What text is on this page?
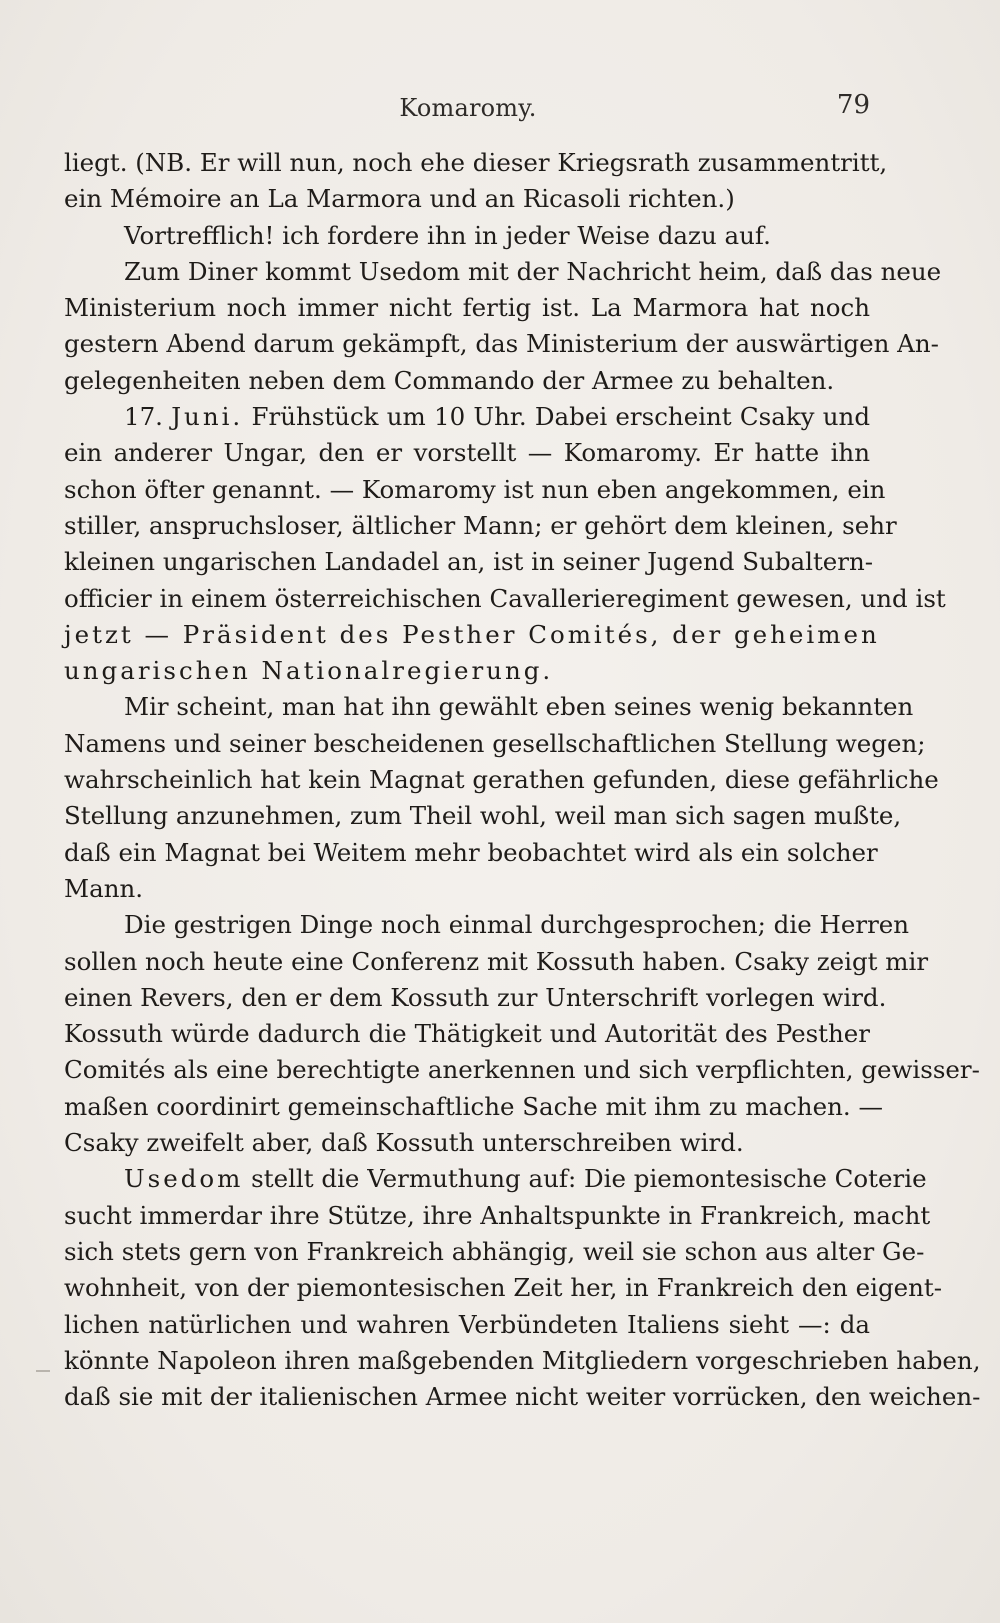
Komaromy.	79
liegt. (NB. Er will nun, noch ehe dieser Kriegsrath zusammentritt,
ein Mémoire an La Marmora und an Ricasoli richten.)
Vortrefflich! ich fordere ihn in jeder Weise dazu auf.
Zum Diner kommt Usedom mit der Nachricht heim, daß das neue
Ministerium noch immer nicht fertig ist. La Marmora hat noch
gestern Abend darum gekämpft, das Ministerium der auswärtigen An-
gelegenheiten neben dem Commando der Armee zu behalten.
17. Juni. Frühstück um 10 Uhr. Dabei erscheint Csaky und
ein anderer Ungar, den er vorstellt — Komaromy. Er hatte ihn
schon öfter genannt. — Komaromy ist nun eben angekommen, ein
stiller, anspruchsloser, ältlicher Mann; er gehört dem kleinen, sehr
kleinen ungarischen Landadel an, ist in seiner Jugend Subaltern-
officier in einem österreichischen Cavallerieregiment gewesen, und ist
jetzt — Präsident des Pesther Comités, der geheimen
ungarischen Nationalregierung.
Mir scheint, man hat ihn gewählt eben seines wenig bekannten
Namens und seiner bescheidenen gesellschaftlichen Stellung wegen;
wahrscheinlich hat kein Magnat gerathen gefunden, diese gefährliche
Stellung anzunehmen, zum Theil wohl, weil man sich sagen mußte,
daß ein Magnat bei Weitem mehr beobachtet wird als ein solcher
Mann.
Die gestrigen Dinge noch einmal durchgesprochen; die Herren
sollen noch heute eine Conferenz mit Kossuth haben. Csaky zeigt mir
einen Revers, den er dem Kossuth zur Unterschrift vorlegen wird.
Kossuth würde dadurch die Thätigkeit und Autorität des Pesther
Comités als eine berechtigte anerkennen und sich verpflichten, gewisser-
maßen coordinirt gemeinschaftliche Sache mit ihm zu machen. —
Csaky zweifelt aber, daß Kossuth unterschreiben wird.
Usedom stellt die Vermuthung auf: Die piemontesische Coterie
sucht immerdar ihre Stütze, ihre Anhaltspunkte in Frankreich, macht
sich stets gern von Frankreich abhängig, weil sie schon aus alter Ge-
wohnheit, von der piemontesischen Zeit her, in Frankreich den eigent-
lichen natürlichen und wahren Verbündeten Italiens sieht —: da
könnte Napoleon ihren maßgebenden Mitgliedern vorgeschrieben haben,
daß sie mit der italienischen Armee nicht weiter vorrücken, den weichen-
